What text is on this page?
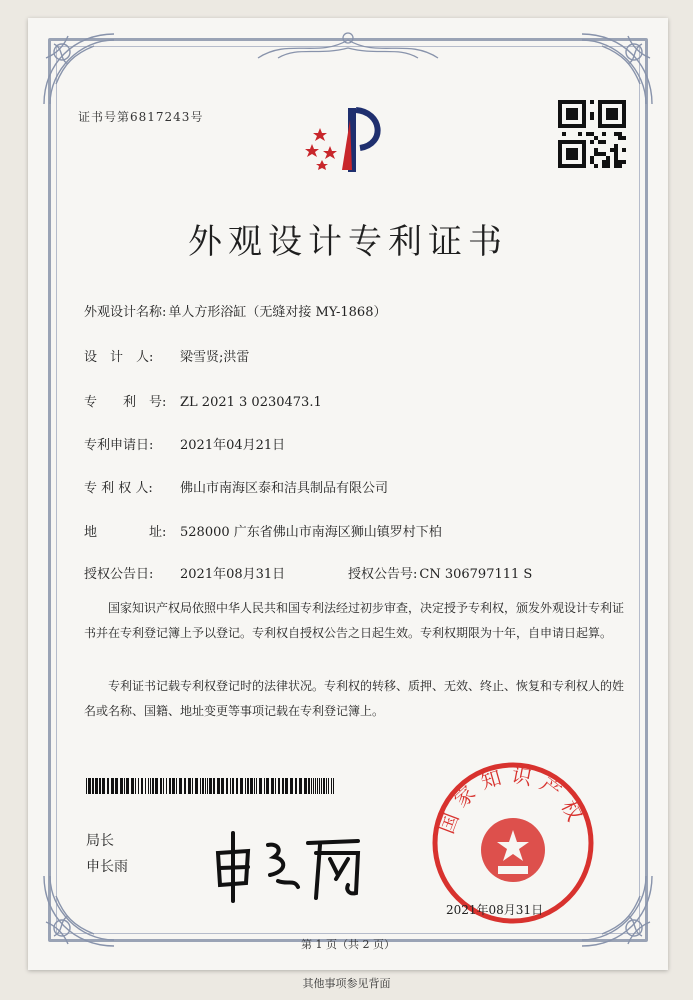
证书号第6817243号
外观设计专利证书
外观设计名称: 单人方形浴缸（无缝对接 MY-1868）
设　计　人: 梁雪贤;洪雷
专　　利　号: ZL 2021 3 0230473.1
专利申请日: 2021年04月21日
专 利 权 人: 佛山市南海区泰和洁具制品有限公司
地　　　　址: 528000 广东省佛山市南海区狮山镇罗村下柏
授权公告日: 2021年08月31日	授权公告号: CN 306797111 S
国家知识产权局依照中华人民共和国专利法经过初步审查，决定授予专利权，颁发外观设计专利证书并在专利登记簿上予以登记。专利权自授权公告之日起生效。专利权期限为十年，自申请日起算。
专利证书记载专利权登记时的法律状况。专利权的转移、质押、无效、终止、恢复和专利权人的姓名或名称、国籍、地址变更等事项记载在专利登记簿上。
局长
申长雨
国家知识产权
2021年08月31日
第 1 页（共 2 页）
其他事项参见背面
